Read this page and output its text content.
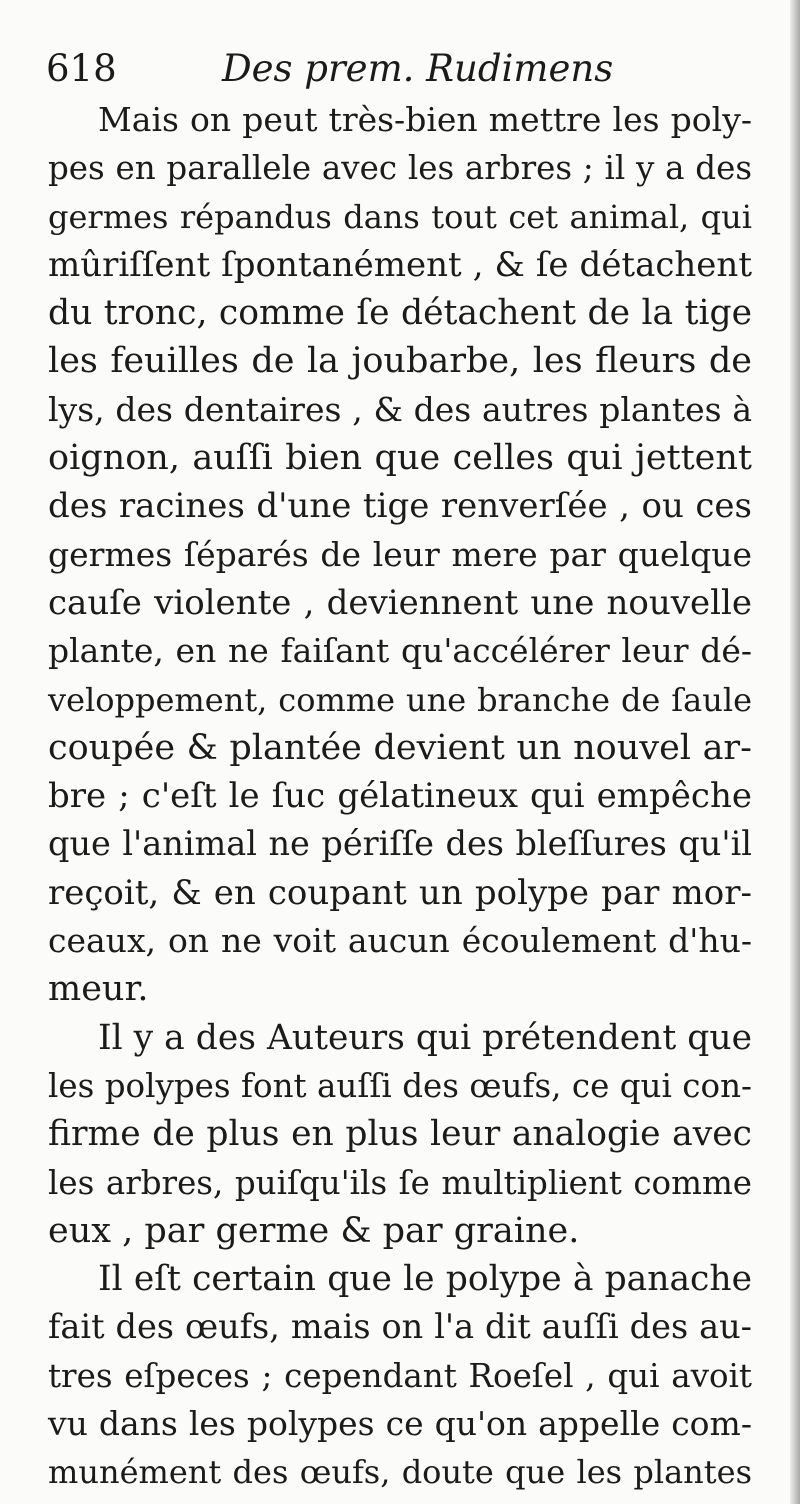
618	Des prem. Rudimens
Mais on peut très-bien mettre les poly-
pes en parallele avec les arbres ; il y a des
germes répandus dans tout cet animal, qui
mûriſſent ſpontanément , & ſe détachent
du tronc, comme ſe détachent de la tige
les feuilles de la joubarbe, les fleurs de
lys, des dentaires , & des autres plantes à
oignon, auſſi bien que celles qui jettent
des racines d'une tige renverſée , ou ces
germes ſéparés de leur mere par quelque
cauſe violente , deviennent une nouvelle
plante, en ne faiſant qu'accélérer leur dé-
veloppement, comme une branche de ſaule
coupée & plantée devient un nouvel ar-
bre ; c'eſt le ſuc gélatineux qui empêche
que l'animal ne périſſe des bleſſures qu'il
reçoit, & en coupant un polype par mor-
ceaux, on ne voit aucun écoulement d'hu-
meur.
Il y a des Auteurs qui prétendent que
les polypes font auſſi des œufs, ce qui con-
firme de plus en plus leur analogie avec
les arbres, puiſqu'ils ſe multiplient comme
eux , par germe & par graine.
Il eſt certain que le polype à panache
fait des œufs, mais on l'a dit auſſi des au-
tres eſpeces ; cependant Roeſel , qui avoit
vu dans les polypes ce qu'on appelle com-
munément des œufs, doute que les plantes
